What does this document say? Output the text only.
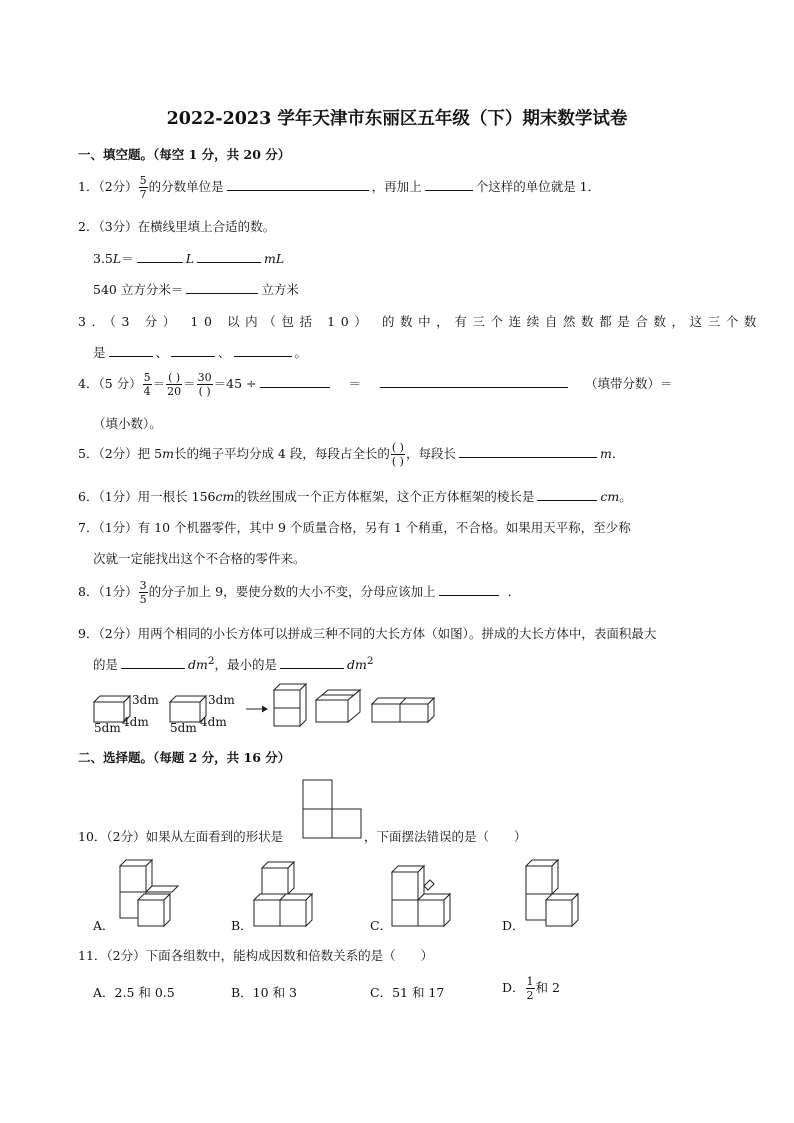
2022-2023 学年天津市东丽区五年级（下）期末数学试卷
一、填空题。（每空 1 分，共 20 分）
1．（2分） $\frac{5}{7}$ 的分数单位是	，再加上	个这样的单位就是 1．
2．（3分）在横线里填上合适的数。
3.5L＝	L	mL
540 立方分米＝	立方米
3．（3 分） 10 以内（包括 10） 的数中，有三个连续自然数都是合数，这三个数
是	、	、	。
4．（5 分） $\frac{5}{4} = \frac{( )}{20} = \frac{30}{( )} =45$ ÷	＝	（填带分数）＝
（填小数）。
5．（2分）把 5m长的绳子平均分成 4 段，每段占全长的 $\frac{( )}{( )}$ ，每段长	m．
6．（1分）用一根长 156cm的铁丝围成一个正方体框架，这个正方体框架的棱长是	cm。
7．（1分）有 10 个机器零件，其中 9 个质量合格，另有 1 个稍重，不合格。如果用天平称，至少称
次就一定能找出这个不合格的零件来。
8．（1分） $\frac{3}{5}$ 的分子加上 9，要使分数的大小不变，分母应该加上	．
9．（2分）用两个相同的小长方体可以拼成三种不同的大长方体（如图）。拼成的大长方体中，表面积最大
的是	$dm^2$，最小的是	$dm^2$
3dm
4dm
5dm
3dm
4dm
5dm
二、选择题。（每题 2 分，共 16 分）
10．（2分）如果从左面看到的形状是	，下面摆法错误的是（　　）
A．	B．	C．	D．
11．（2分）下面各组数中，能构成因数和倍数关系的是（　　）
A．2.5 和 0.5	B．10 和 3	C．51 和 17	D． $\frac{1}{2}$ 和 2
